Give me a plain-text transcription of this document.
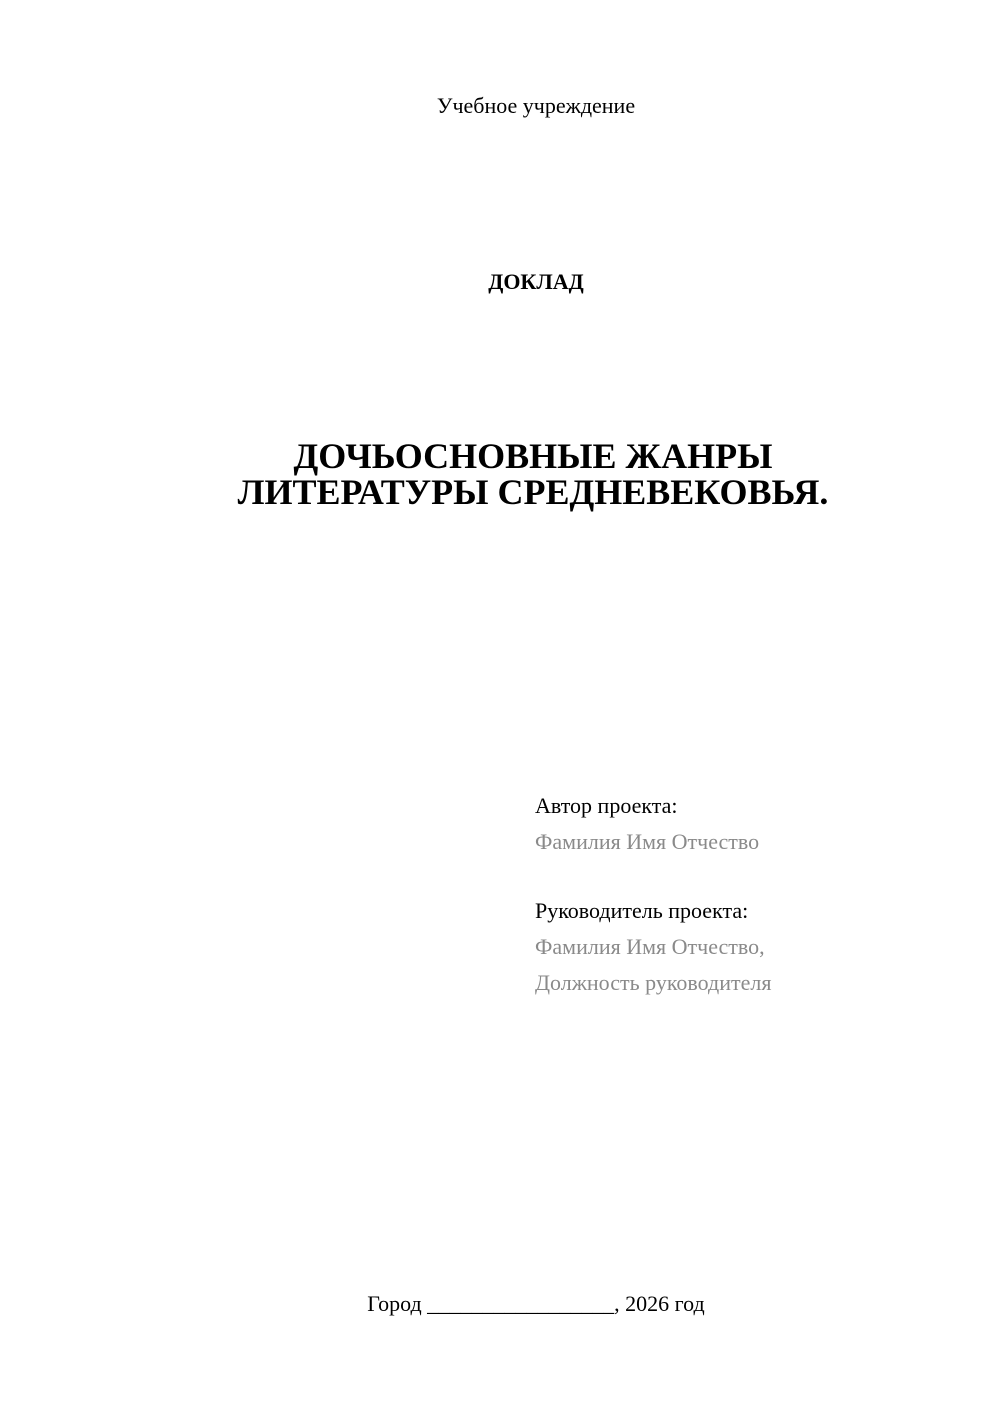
Учебное учреждение
ДОКЛАД
ДОЧЬОСНОВНЫЕ ЖАНРЫ
ЛИТЕРАТУРЫ СРЕДНЕВЕКОВЬЯ.
Автор проекта:
Фамилия Имя Отчество
Руководитель проекта:
Фамилия Имя Отчество,
Должность руководителя
Город _________________, 2026 год
